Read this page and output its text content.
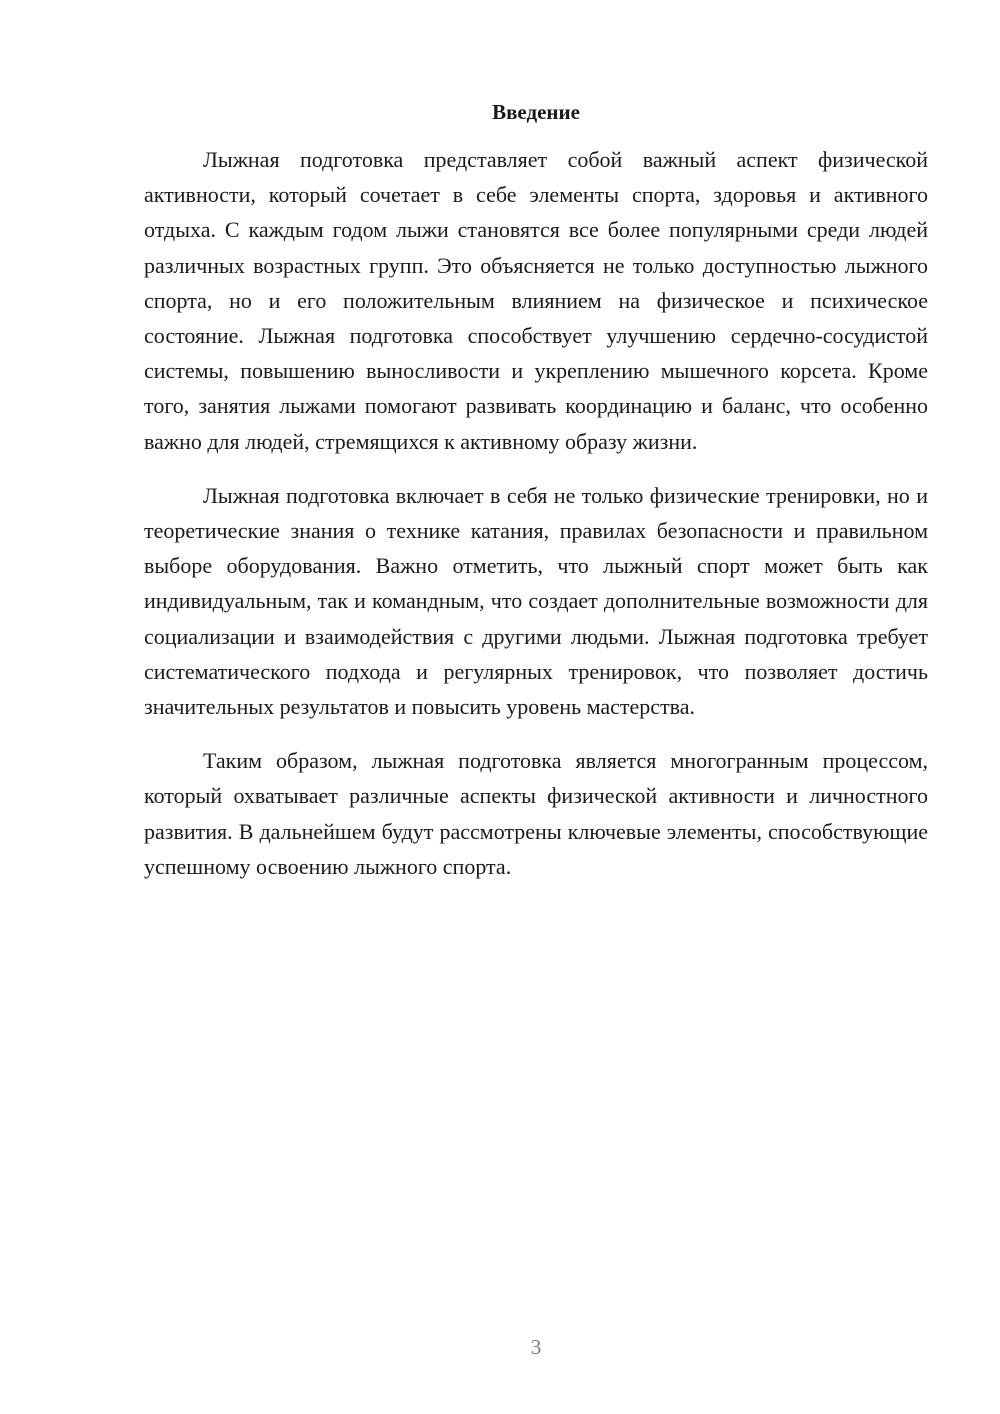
Введение

Лыжная подготовка представляет собой важный аспект физической активности, который сочетает в себе элементы спорта, здоровья и активного отдыха. С каждым годом лыжи становятся все более популярными среди людей различных возрастных групп. Это объясняется не только доступностью лыжного спорта, но и его положительным влиянием на физическое и психическое состояние. Лыжная подготовка способствует улучшению сердечно-сосудистой системы, повышению выносливости и укреплению мышечного корсета. Кроме того, занятия лыжами помогают развивать координацию и баланс, что особенно важно для людей, стремящихся к активному образу жизни.

Лыжная подготовка включает в себя не только физические тренировки, но и теоретические знания о технике катания, правилах безопасности и правильном выборе оборудования. Важно отметить, что лыжный спорт может быть как индивидуальным, так и командным, что создает дополнительные возможности для социализации и взаимодействия с другими людьми. Лыжная подготовка требует систематического подхода и регулярных тренировок, что позволяет достичь значительных результатов и повысить уровень мастерства.

Таким образом, лыжная подготовка является многогранным процессом, который охватывает различные аспекты физической активности и личностного развития. В дальнейшем будут рассмотрены ключевые элементы, способствующие успешному освоению лыжного спорта.

3
